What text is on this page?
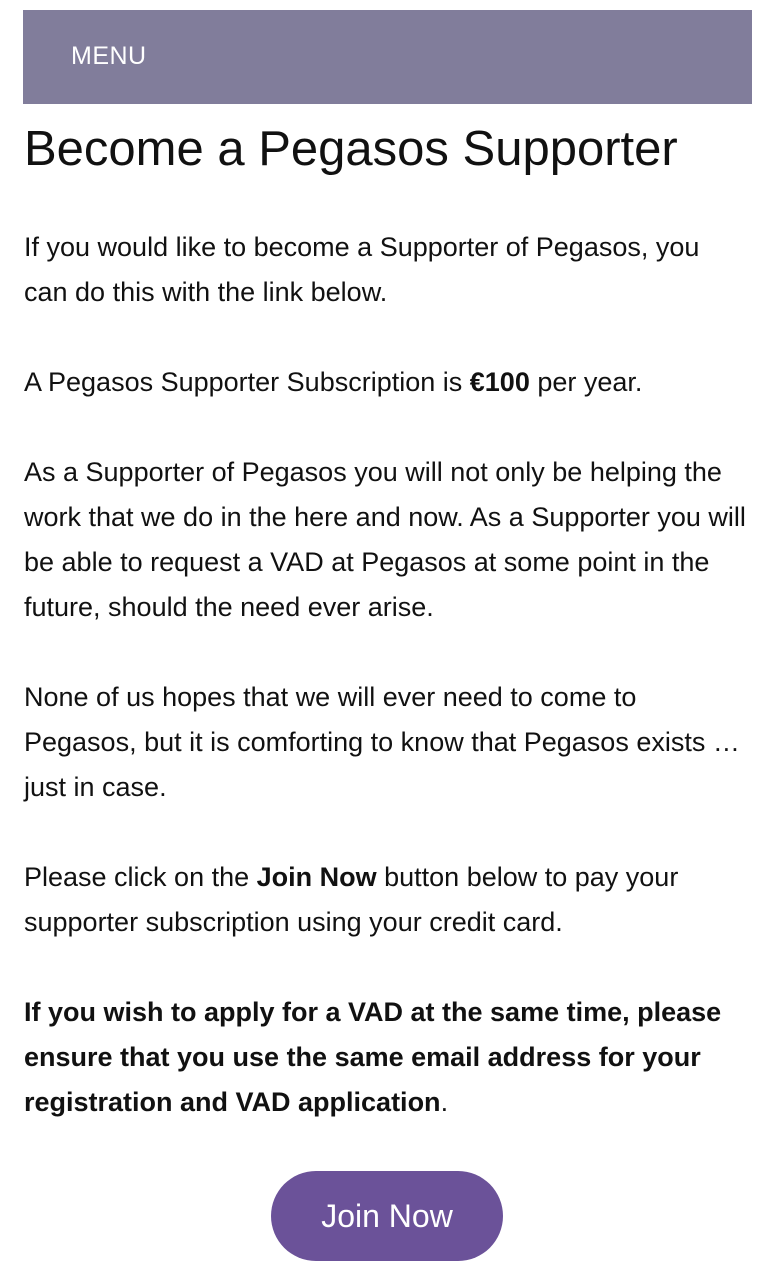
MENU
Become a Pegasos Supporter

If you would like to become a Supporter of Pegasos, you can do this with the link below.

A Pegasos Supporter Subscription is €100 per year.

As a Supporter of Pegasos you will not only be helping the work that we do in the here and now. As a Supporter you will be able to request a VAD at Pegasos at some point in the future, should the need ever arise.

None of us hopes that we will ever need to come to Pegasos, but it is comforting to know that Pegasos exists … just in case.

Please click on the Join Now button below to pay your supporter subscription using your credit card.

If you wish to apply for a VAD at the same time, please ensure that you use the same email address for your registration and VAD application.

Join Now
